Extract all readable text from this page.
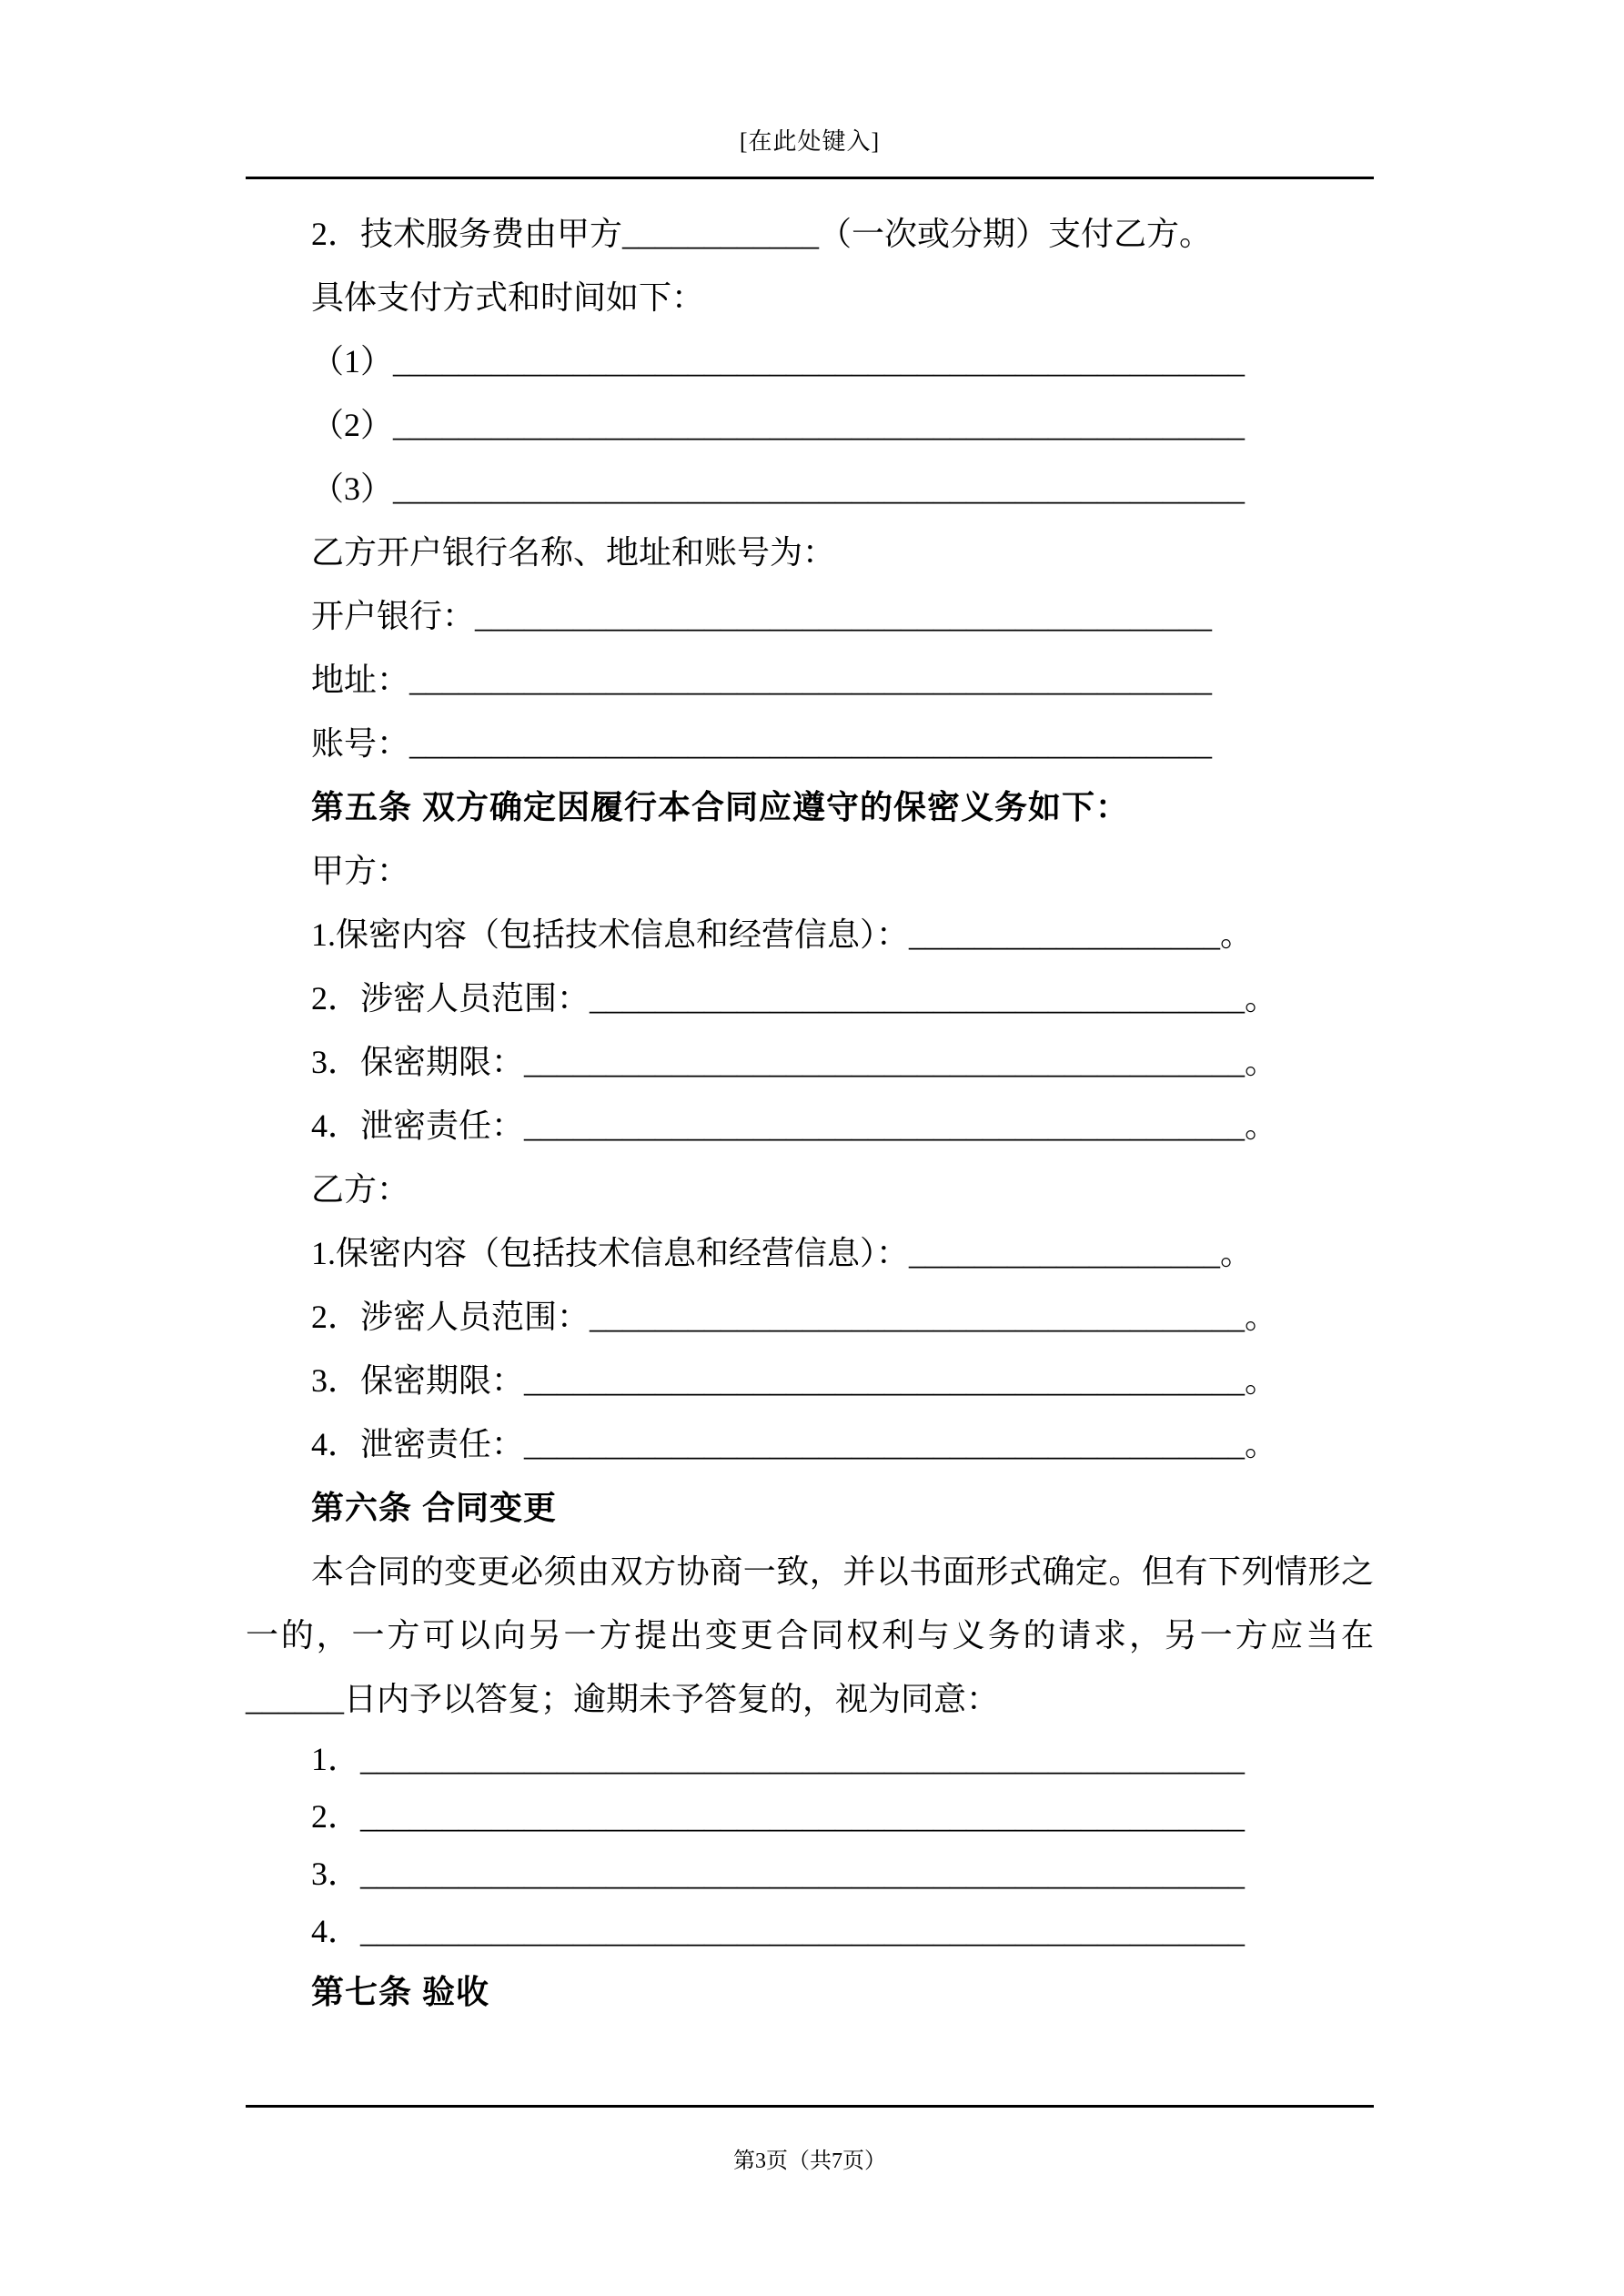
[在此处键入]
2．技术服务费由甲方____________（一次或分期）支付乙方。
具体支付方式和时间如下：
（1）____________________________________________________
（2）____________________________________________________
（3）____________________________________________________
乙方开户银行名称、地址和账号为：
开户银行：_____________________________________________
地址：_________________________________________________
账号：_________________________________________________
第五条 双方确定因履行本合同应遵守的保密义务如下：
甲方：
1.保密内容（包括技术信息和经营信息）：___________________。
2．涉密人员范围：________________________________________。
3．保密期限：____________________________________________。
4．泄密责任：____________________________________________。
乙方：
1.保密内容（包括技术信息和经营信息）：___________________。
2．涉密人员范围：________________________________________。
3．保密期限：____________________________________________。
4．泄密责任：____________________________________________。
第六条 合同变更
本合同的变更必须由双方协商一致，并以书面形式确定。但有下列情形之一的，一方可以向另一方提出变更合同权利与义务的请求，另一方应当在______日内予以答复；逾期未予答复的，视为同意：
1．______________________________________________________
2．______________________________________________________
3．______________________________________________________
4．______________________________________________________
第七条 验收
第3页（共7页）
